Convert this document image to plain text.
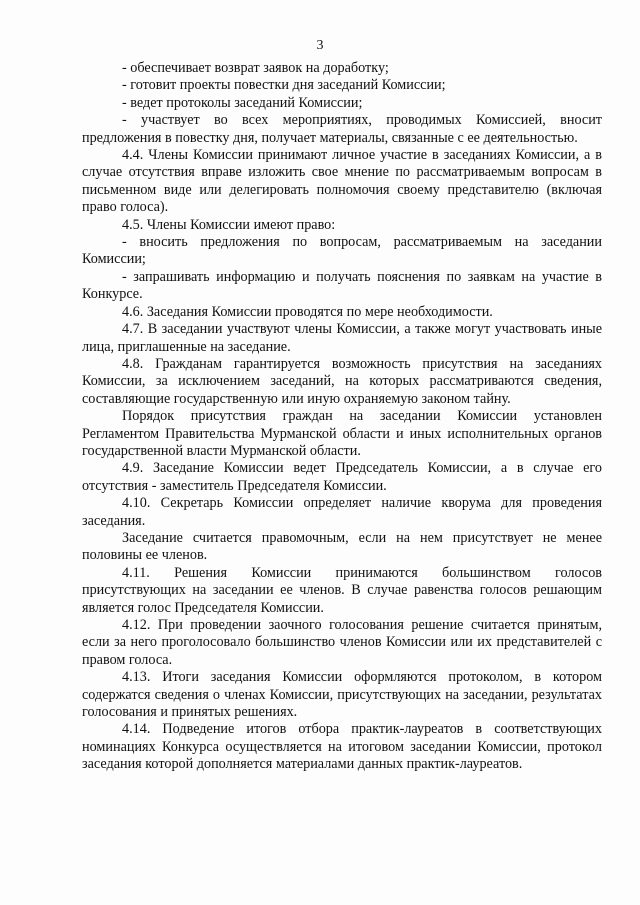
3

- обеспечивает возврат заявок на доработку;

- готовит проекты повестки дня заседаний Комиссии;

- ведет протоколы заседаний Комиссии;

- участвует во всех мероприятиях, проводимых Комиссией, вносит предложения в повестку дня, получает материалы, связанные с ее деятельностью.

4.4. Члены Комиссии принимают личное участие в заседаниях Комиссии, а в случае отсутствия вправе изложить свое мнение по рассматриваемым вопросам в письменном виде или делегировать полномочия своему представителю (включая право голоса).

4.5. Члены Комиссии имеют право:

- вносить предложения по вопросам, рассматриваемым на заседании Комиссии;

- запрашивать информацию и получать пояснения по заявкам на участие в Конкурсе.

4.6. Заседания Комиссии проводятся по мере необходимости.

4.7. В заседании участвуют члены Комиссии, а также могут участвовать иные лица, приглашенные на заседание.

4.8. Гражданам гарантируется возможность присутствия на заседаниях Комиссии, за исключением заседаний, на которых рассматриваются сведения, составляющие государственную или иную охраняемую законом тайну.

Порядок присутствия граждан на заседании Комиссии установлен Регламентом Правительства Мурманской области и иных исполнительных органов государственной власти Мурманской области.

4.9. Заседание Комиссии ведет Председатель Комиссии, а в случае его отсутствия - заместитель Председателя Комиссии.

4.10. Секретарь Комиссии определяет наличие кворума для проведения заседания.

Заседание считается правомочным, если на нем присутствует не менее половины ее членов.

4.11. Решения Комиссии принимаются большинством голосов присутствующих на заседании ее членов. В случае равенства голосов решающим является голос Председателя Комиссии.

4.12. При проведении заочного голосования решение считается принятым, если за него проголосовало большинство членов Комиссии или их представителей с правом голоса.

4.13. Итоги заседания Комиссии оформляются протоколом, в котором содержатся сведения о членах Комиссии, присутствующих на заседании, результатах голосования и принятых решениях.

4.14. Подведение итогов отбора практик-лауреатов в соответствующих номинациях Конкурса осуществляется на итоговом заседании Комиссии, протокол заседания которой дополняется материалами данных практик-лауреатов.
